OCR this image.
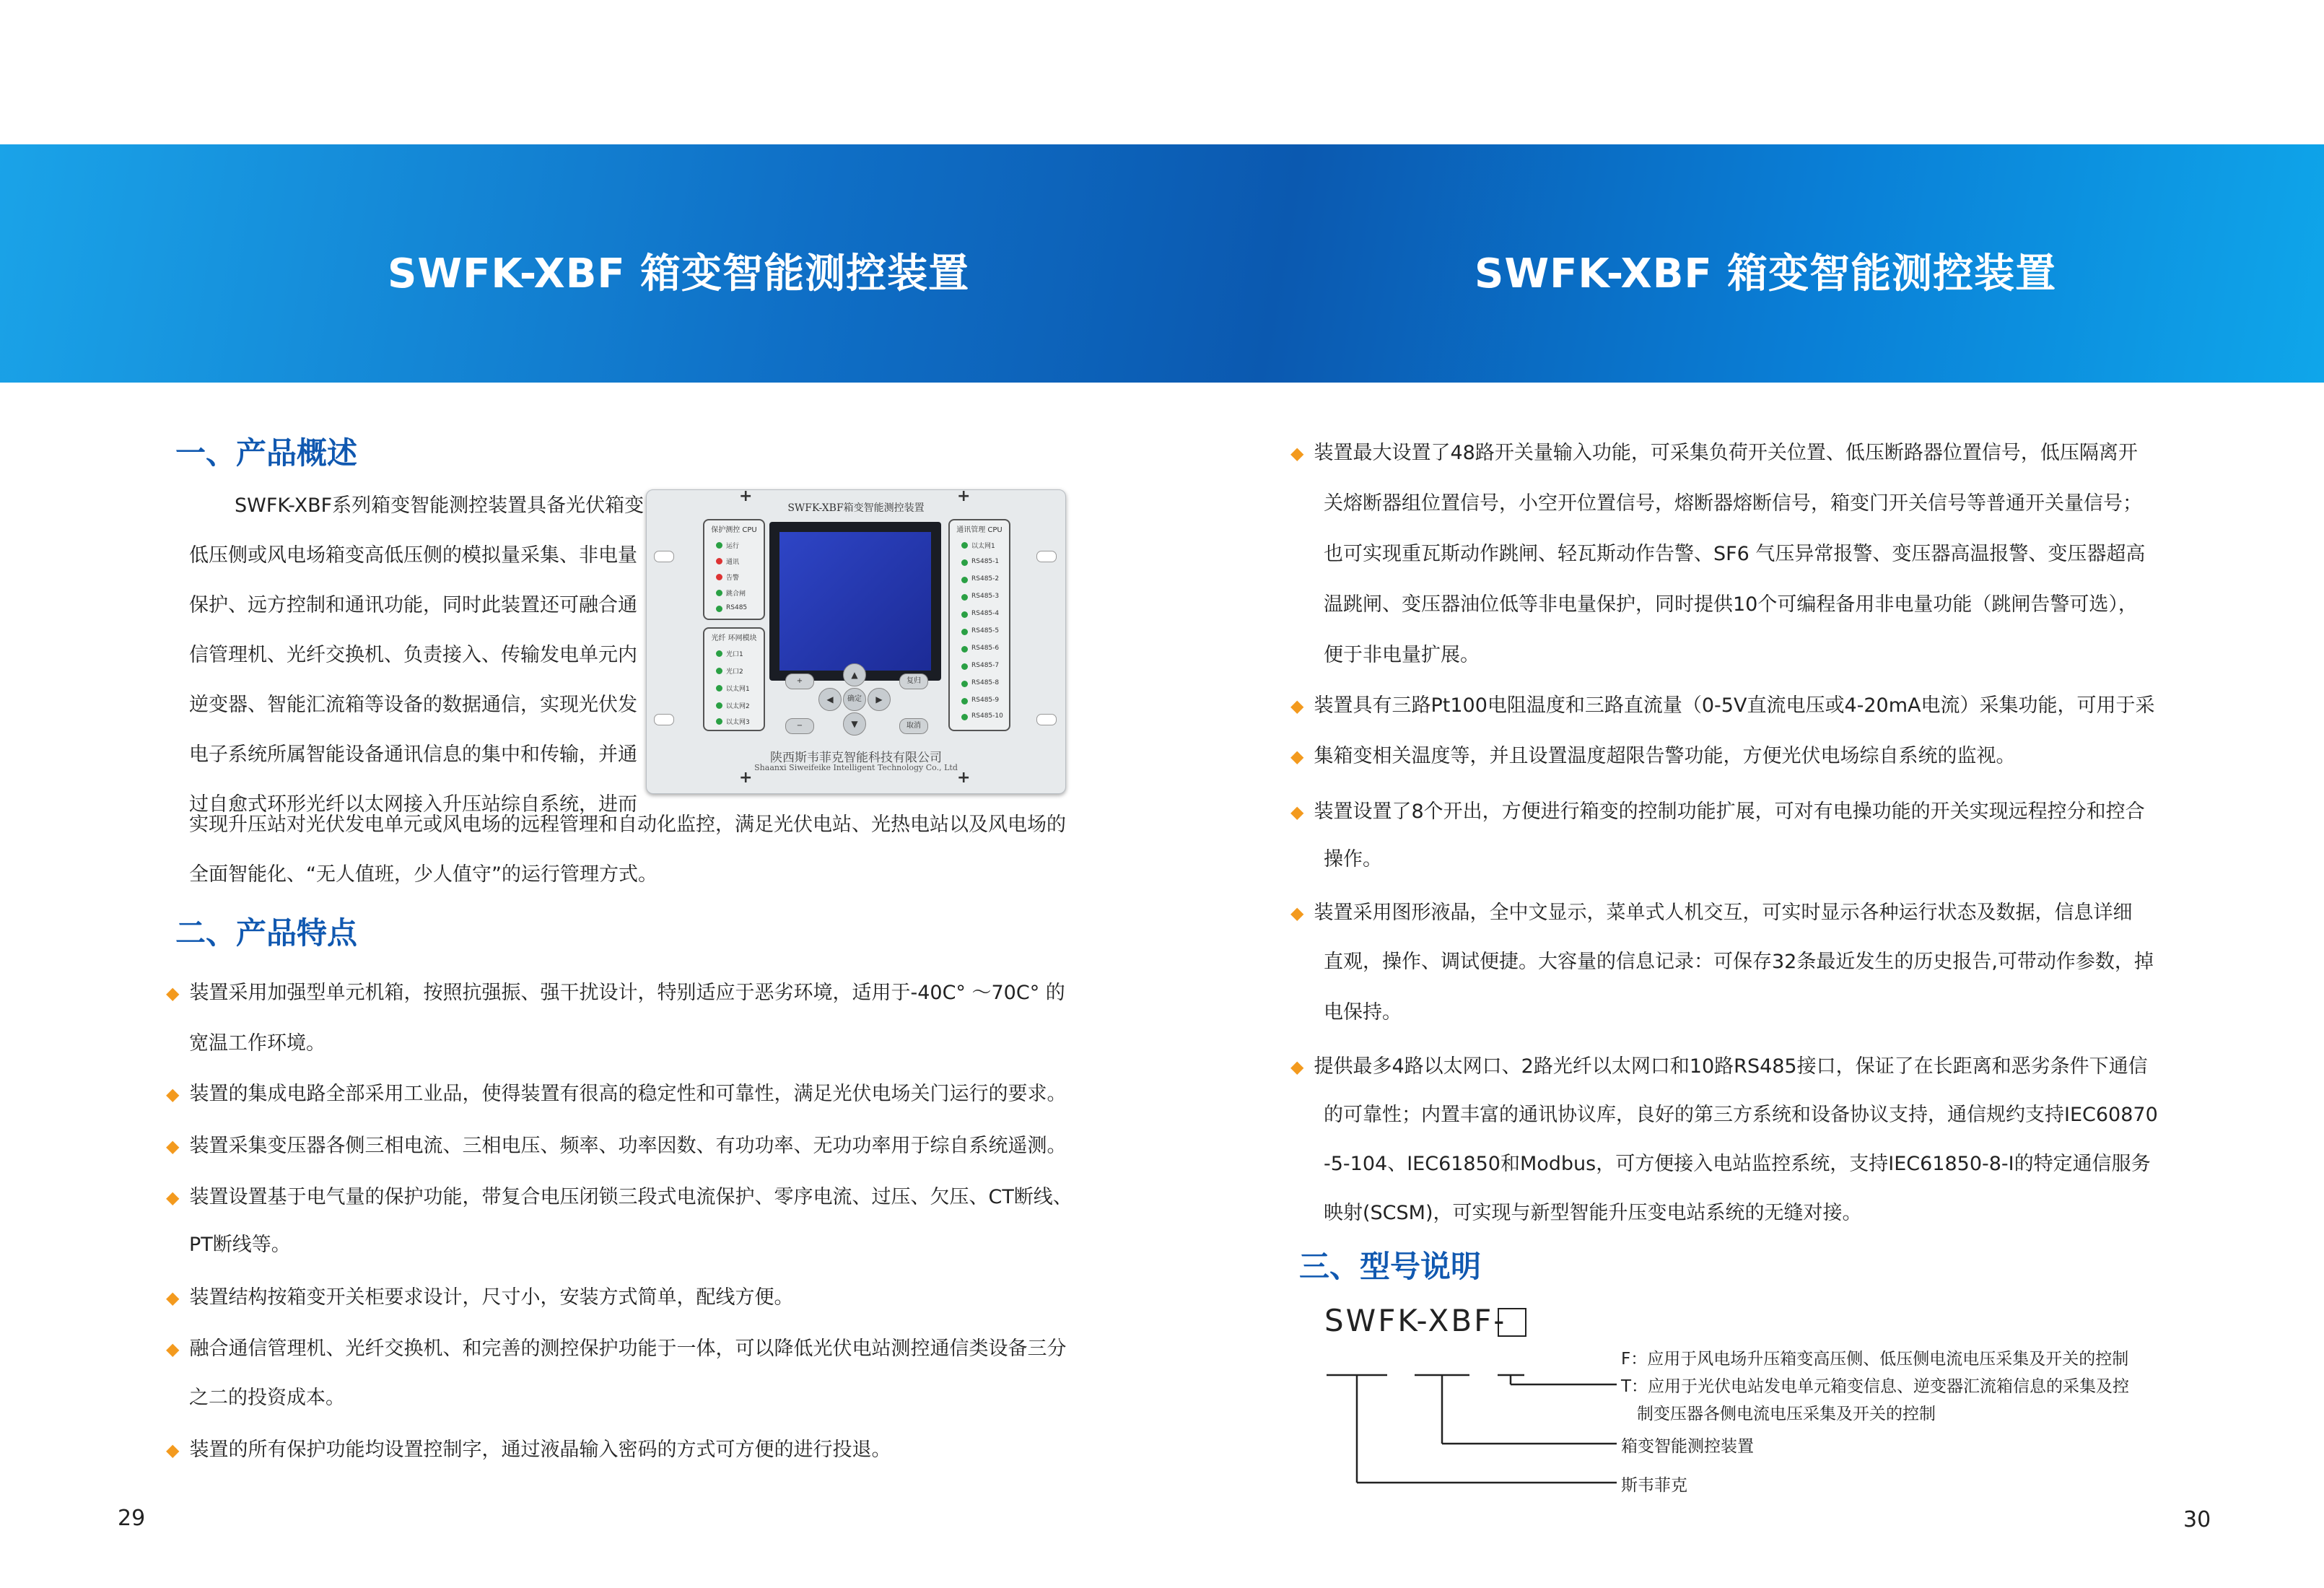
SWFK-XBF 箱变智能测控装置	SWFK-XBF 箱变智能测控装置
一、产品概述
SWFK-XBF系列箱变智能测控装置具备光伏箱变
低压侧或风电场箱变高低压侧的模拟量采集、非电量
保护、远方控制和通讯功能，同时此装置还可融合通
信管理机、光纤交换机、负责接入、传输发电单元内
逆变器、智能汇流箱等设备的数据通信，实现光伏发
电子系统所属智能设备通讯信息的集中和传输，并通
过自愈式环形光纤以太网接入升压站综自系统，进而
实现升压站对光伏发电单元或风电场的远程管理和自动化监控，满足光伏电站、光热电站以及风电场的
全面智能化、“无人值班，少人值守”的运行管理方式。
SWFK-XBF箱变智能测控装置
+	+
+	+
保护测控 CPU
运行
通讯
告警
跳合闸
RS485
光纤 环网模块
光口1
光口2
以太网1
以太网2
以太网3
通讯管理 CPU
以太网1
RS485-1
RS485-2
RS485-3
RS485-4
RS485-5
RS485-6
RS485-7
RS485-8
RS485-9
RS485-10
+
−
复归
取消
▲
◀	确定	▶
▼
陕西斯韦菲克智能科技有限公司
Shaanxi Siweifeike Intelligent Technology Co., Ltd
二、产品特点
◆ 装置采用加强型单元机箱，按照抗强振、强干扰设计，特别适应于恶劣环境，适用于-40C° ～70C° 的
宽温工作环境。
◆ 装置的集成电路全部采用工业品，使得装置有很高的稳定性和可靠性，满足光伏电场关门运行的要求。
◆ 装置采集变压器各侧三相电流、三相电压、频率、功率因数、有功功率、无功功率用于综自系统遥测。
◆ 装置设置基于电气量的保护功能，带复合电压闭锁三段式电流保护、零序电流、过压、欠压、CT断线、
PT断线等。
◆ 装置结构按箱变开关柜要求设计，尺寸小，安装方式简单，配线方便。
◆ 融合通信管理机、光纤交换机、和完善的测控保护功能于一体，可以降低光伏电站测控通信类设备三分
之二的投资成本。
◆ 装置的所有保护功能均设置控制字，通过液晶输入密码的方式可方便的进行投退。
29
◆ 装置最大设置了48路开关量输入功能，可采集负荷开关位置、低压断路器位置信号，低压隔离开
关熔断器组位置信号，小空开位置信号，熔断器熔断信号，箱变门开关信号等普通开关量信号；
也可实现重瓦斯动作跳闸、轻瓦斯动作告警、SF6 气压异常报警、变压器高温报警、变压器超高
温跳闸、变压器油位低等非电量保护，同时提供10个可编程备用非电量功能（跳闸告警可选），
便于非电量扩展。
◆ 装置具有三路Pt100电阻温度和三路直流量（0-5V直流电压或4-20mA电流）采集功能，可用于采
◆ 集箱变相关温度等，并且设置温度超限告警功能，方便光伏电场综自系统的监视。
◆ 装置设置了8个开出，方便进行箱变的控制功能扩展，可对有电操功能的开关实现远程控分和控合
操作。
◆ 装置采用图形液晶，全中文显示，菜单式人机交互，可实时显示各种运行状态及数据，信息详细
直观，操作、调试便捷。大容量的信息记录：可保存32条最近发生的历史报告,可带动作参数，掉
电保持。
◆ 提供最多4路以太网口、2路光纤以太网口和10路RS485接口，保证了在长距离和恶劣条件下通信
的可靠性；内置丰富的通讯协议库，良好的第三方系统和设备协议支持，通信规约支持IEC60870
-5-104、IEC61850和Modbus，可方便接入电站监控系统，支持IEC61850-8-I的特定通信服务
映射(SCSM)，可实现与新型智能升压变电站系统的无缝对接。
三、型号说明
SWFK-XBF-
F：应用于风电场升压箱变高压侧、低压侧电流电压采集及开关的控制
T：应用于光伏电站发电单元箱变信息、逆变器汇流箱信息的采集及控
制变压器各侧电流电压采集及开关的控制
箱变智能测控装置
斯韦菲克
30
